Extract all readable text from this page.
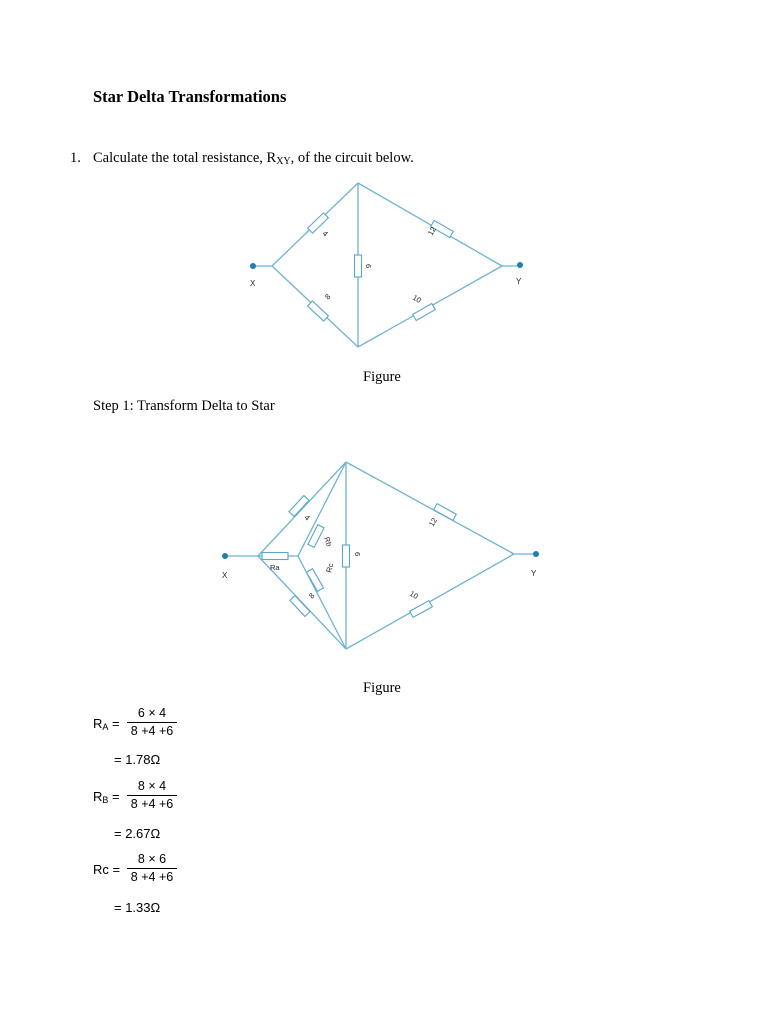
Star Delta Transformations
1. Calculate the total resistance, $R_{XY}$, of the circuit below.
4
8
6
12
10
X	Y
Figure
Step 1: Transform Delta to Star
4
8
6
12
10
Ra
Rb
Rc
X	Y
Figure
$R_A$ =
6 × 4
8 +4 +6
= 1.78Ω
$R_B$ =
8 × 4
8 +4 +6
= 2.67Ω
Rc =
8 × 6
8 +4 +6
= 1.33Ω
